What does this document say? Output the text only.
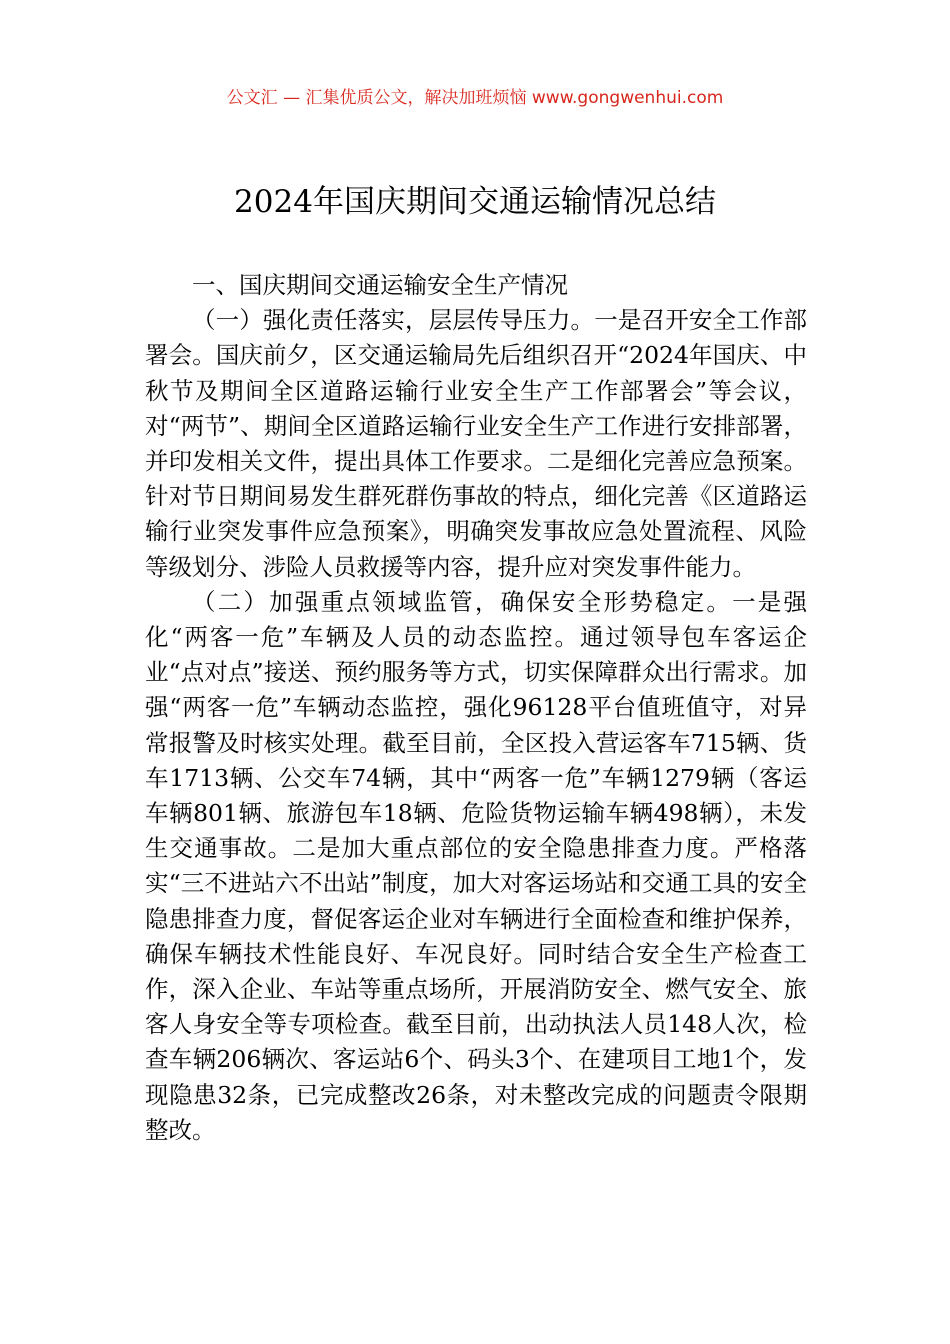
公文汇 — 汇集优质公文，解决加班烦恼 www.gongwenhui.com
2024年国庆期间交通运输情况总结

一、国庆期间交通运输安全生产情况

（一）强化责任落实，层层传导压力。一是召开安全工作部署会。国庆前夕，区交通运输局先后组织召开“2024年国庆、中秋节及期间全区道路运输行业安全生产工作部署会”等会议，对“两节”、期间全区道路运输行业安全生产工作进行安排部署，并印发相关文件，提出具体工作要求。二是细化完善应急预案。针对节日期间易发生群死群伤事故的特点，细化完善《区道路运输行业突发事件应急预案》，明确突发事故应急处置流程、风险等级划分、涉险人员救援等内容，提升应对突发事件能力。

（二）加强重点领域监管，确保安全形势稳定。一是强化“两客一危”车辆及人员的动态监控。通过领导包车客运企业“点对点”接送、预约服务等方式，切实保障群众出行需求。加强“两客一危”车辆动态监控，强化96128平台值班值守，对异常报警及时核实处理。截至目前，全区投入营运客车715辆、货车1713辆、公交车74辆，其中“两客一危”车辆1279辆（客运车辆801辆、旅游包车18辆、危险货物运输车辆498辆），未发生交通事故。二是加大重点部位的安全隐患排查力度。严格落实“三不进站六不出站”制度，加大对客运场站和交通工具的安全隐患排查力度，督促客运企业对车辆进行全面检查和维护保养，确保车辆技术性能良好、车况良好。同时结合安全生产检查工作，深入企业、车站等重点场所，开展消防安全、燃气安全、旅客人身安全等专项检查。截至目前，出动执法人员148人次，检查车辆206辆次、客运站6个、码头3个、在建项目工地1个，发现隐患32条，已完成整改26条，对未整改完成的问题责令限期整改。
